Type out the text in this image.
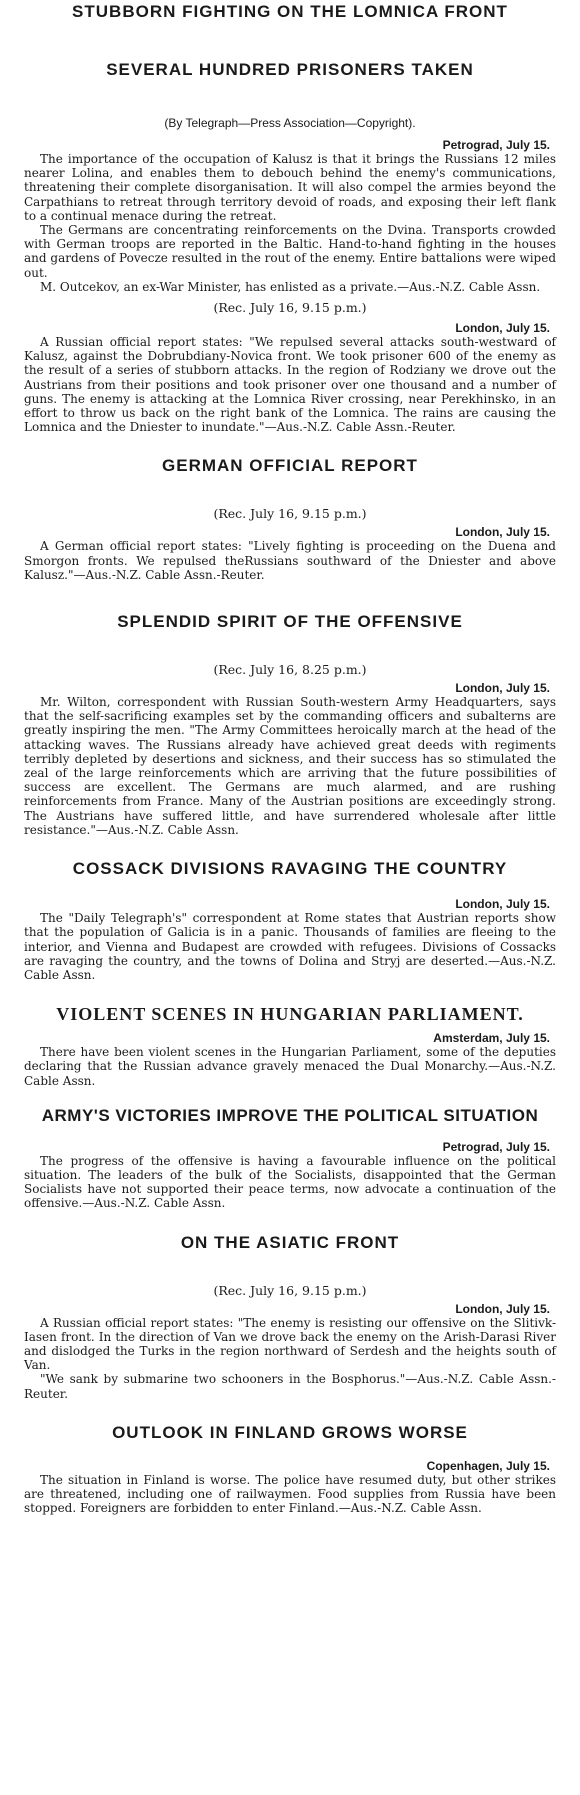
STUBBORN FIGHTING ON THE LOMNICA FRONT
SEVERAL HUNDRED PRISONERS TAKEN

(By Telegraph—Press Association—Copyright).

Petrograd, July 15.

The importance of the occupation of Kalusz is that it brings the Russians 12 miles nearer Lolina, and enables them to debouch behind the enemy's communications, threatening their complete disorganisation. It will also compel the armies beyond the Carpathians to retreat through territory devoid of roads, and exposing their left flank to a continual menace during the retreat.

The Germans are concentrating reinforcements on the Dvina. Transports crowded with German troops are reported in the Baltic. Hand-to-hand fighting in the houses and gardens of Povecze resulted in the rout of the enemy. Entire battalions were wiped out.

M. Outcekov, an ex-War Minister, has enlisted as a private.—Aus.-N.Z. Cable Assn.

(Rec. July 16, 9.15 p.m.)

London, July 15.

A Russian official report states: "We repulsed several attacks south-westward of Kalusz, against the Dobrubdiany-Novica front. We took prisoner 600 of the enemy as the result of a series of stubborn attacks. In the region of Rodziany we drove out the Austrians from their positions and took prisoner over one thousand and a number of guns. The enemy is attacking at the Lomnica River crossing, near Perekhinsko, in an effort to throw us back on the right bank of the Lomnica. The rains are causing the Lomnica and the Dniester to inundate."—Aus.-N.Z. Cable Assn.-Reuter.

GERMAN OFFICIAL REPORT

(Rec. July 16, 9.15 p.m.)

London, July 15.

A German official report states: "Lively fighting is proceeding on the Duena and Smorgon fronts. We repulsed theRussians southward of the Dniester and above Kalusz."—Aus.-N.Z. Cable Assn.-Reuter.

SPLENDID SPIRIT OF THE OFFENSIVE

(Rec. July 16, 8.25 p.m.)

London, July 15.

Mr. Wilton, correspondent with Russian South-western Army Headquarters, says that the self-sacrificing examples set by the commanding officers and subalterns are greatly inspiring the men. "The Army Committees heroically march at the head of the attacking waves. The Russians already have achieved great deeds with regiments terribly depleted by desertions and sickness, and their success has so stimulated the zeal of the large reinforcements which are arriving that the future possibilities of success are excellent. The Germans are much alarmed, and are rushing reinforcements from France. Many of the Austrian positions are exceedingly strong. The Austrians have suffered little, and have surrendered wholesale after little resistance."—Aus.-N.Z. Cable Assn.

COSSACK DIVISIONS RAVAGING THE COUNTRY

London, July 15.

The "Daily Telegraph's" correspondent at Rome states that Austrian reports show that the population of Galicia is in a panic. Thousands of families are fleeing to the interior, and Vienna and Budapest are crowded with refugees. Divisions of Cossacks are ravaging the country, and the towns of Dolina and Stryj are deserted.—Aus.-N.Z. Cable Assn.

VIOLENT SCENES IN HUNGARIAN PARLIAMENT.

Amsterdam, July 15.

There have been violent scenes in the Hungarian Parliament, some of the deputies declaring that the Russian advance gravely menaced the Dual Monarchy.—Aus.-N.Z. Cable Assn.

ARMY'S VICTORIES IMPROVE THE POLITICAL SITUATION

Petrograd, July 15.

The progress of the offensive is having a favourable influence on the political situation. The leaders of the bulk of the Socialists, disappointed that the German Socialists have not supported their peace terms, now advocate a continuation of the offensive.—Aus.-N.Z. Cable Assn.

ON THE ASIATIC FRONT

(Rec. July 16, 9.15 p.m.)

London, July 15.

A Russian official report states: "The enemy is resisting our offensive on the Slitivk-Iasen front. In the direction of Van we drove back the enemy on the Arish-Darasi River and dislodged the Turks in the region northward of Serdesh and the heights south of Van.

"We sank by submarine two schooners in the Bosphorus."—Aus.-N.Z. Cable Assn.-Reuter.

OUTLOOK IN FINLAND GROWS WORSE

Copenhagen, July 15.

The situation in Finland is worse. The police have resumed duty, but other strikes are threatened, including one of railwaymen. Food supplies from Russia have been stopped. Foreigners are forbidden to enter Finland.—Aus.-N.Z. Cable Assn.
